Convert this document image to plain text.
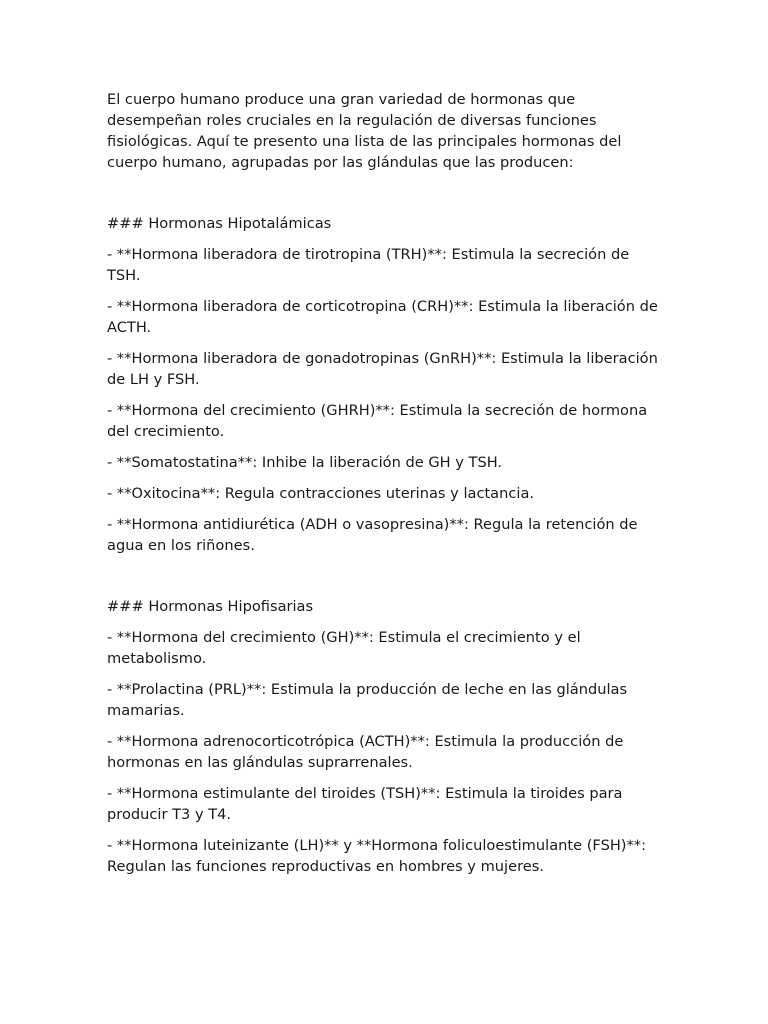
El cuerpo humano produce una gran variedad de hormonas que desempeñan roles cruciales en la regulación de diversas funciones fisiológicas. Aquí te presento una lista de las principales hormonas del cuerpo humano, agrupadas por las glándulas que las producen:

### Hormonas Hipotalámicas

- **Hormona liberadora de tirotropina (TRH)**: Estimula la secreción de TSH.

- **Hormona liberadora de corticotropina (CRH)**: Estimula la liberación de ACTH.

- **Hormona liberadora de gonadotropinas (GnRH)**: Estimula la liberación de LH y FSH.

- **Hormona del crecimiento (GHRH)**: Estimula la secreción de hormona del crecimiento.

- **Somatostatina**: Inhibe la liberación de GH y TSH.

- **Oxitocina**: Regula contracciones uterinas y lactancia.

- **Hormona antidiurética (ADH o vasopresina)**: Regula la retención de agua en los riñones.

### Hormonas Hipofisarias

- **Hormona del crecimiento (GH)**: Estimula el crecimiento y el metabolismo.

- **Prolactina (PRL)**: Estimula la producción de leche en las glándulas mamarias.

- **Hormona adrenocorticotrópica (ACTH)**: Estimula la producción de hormonas en las glándulas suprarrenales.

- **Hormona estimulante del tiroides (TSH)**: Estimula la tiroides para producir T3 y T4.

- **Hormona luteinizante (LH)** y **Hormona foliculoestimulante (FSH)**: Regulan las funciones reproductivas en hombres y mujeres.
